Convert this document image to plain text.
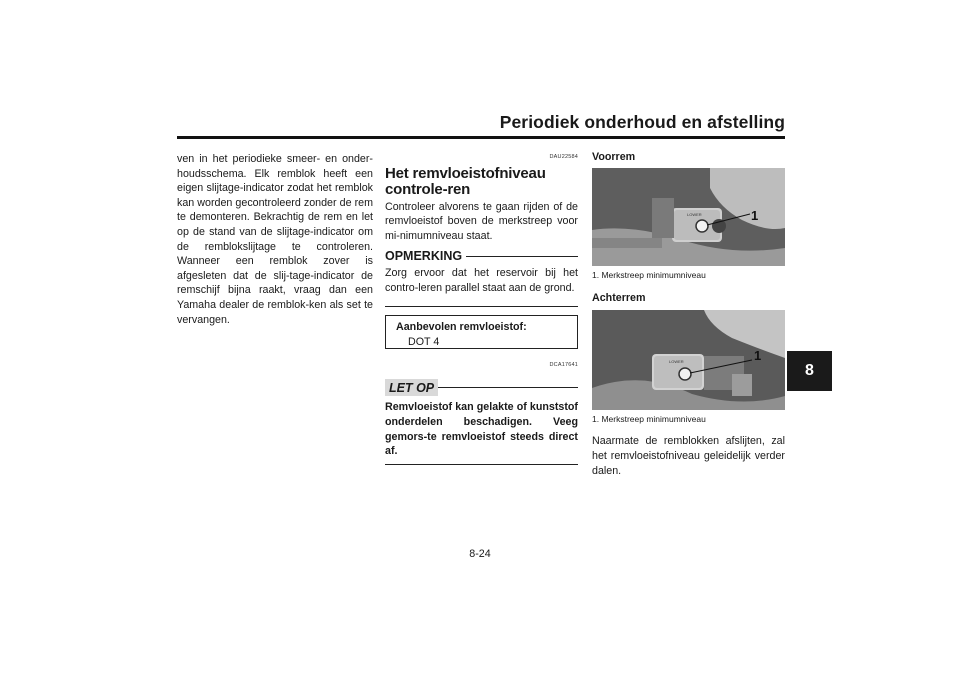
Periodiek onderhoud en afstelling
8
ven in het periodieke smeer- en onder-houdsschema. Elk remblok heeft een eigen slijtage-indicator zodat het remblok kan worden gecontroleerd zonder de rem te demonteren. Bekrachtig de rem en let op de stand van de slijtage-indicator om de remblokslijtage te controleren. Wanneer een remblok zover is afgesleten dat de slij-tage-indicator de remschijf bijna raakt, vraag dan een Yamaha dealer de remblok-ken als set te vervangen.
DAU22584
Het remvloeistofniveau controle-ren
Controleer alvorens te gaan rijden of de remvloeistof boven de merkstreep voor mi-nimumniveau staat.
OPMERKING
Zorg ervoor dat het reservoir bij het contro-leren parallel staat aan de grond.
Aanbevolen remvloeistof:
DOT 4
DCA17641
LET OP
Remvloeistof kan gelakte of kunststof onderdelen beschadigen. Veeg gemors-te remvloeistof steeds direct af.
Voorrem
1
LOWER
1. Merkstreep minimumniveau
Achterrem
1
LOWER
1. Merkstreep minimumniveau
Naarmate de remblokken afslijten, zal het remvloeistofniveau geleidelijk verder dalen.
8-24
